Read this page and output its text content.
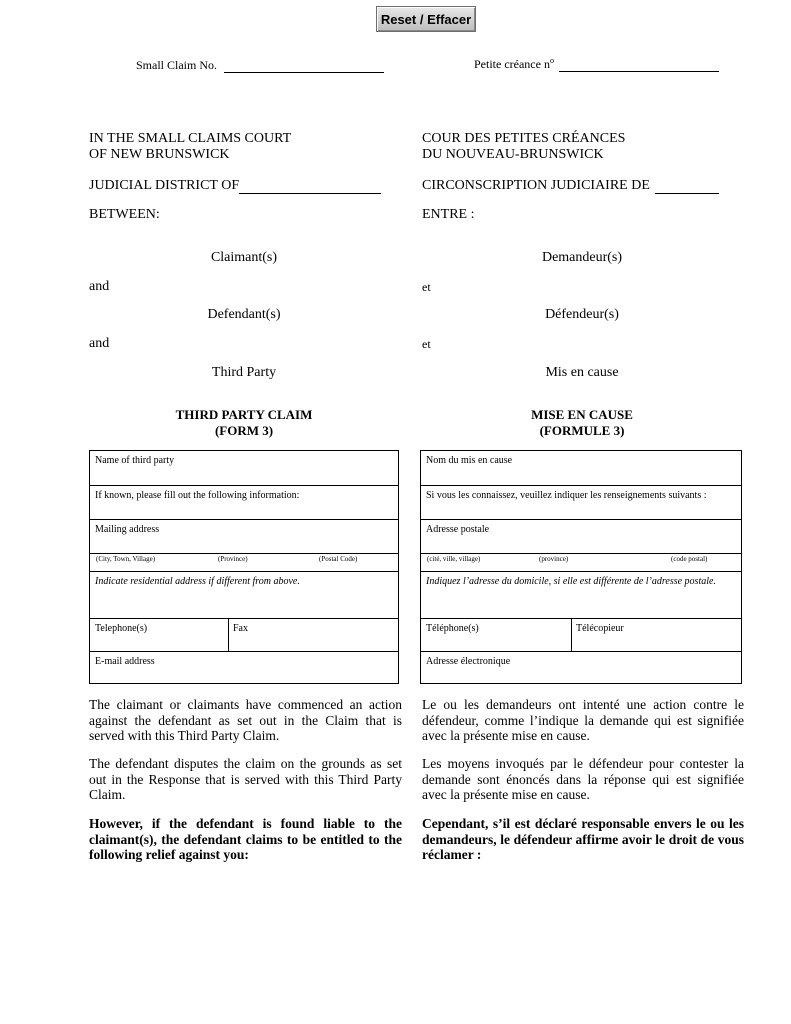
Reset / Effacer
Small Claim No.	Petite créance $n^o$
IN THE SMALL CLAIMS COURT
OF NEW BRUNSWICK
COUR DES PETITES CRÉANCES
DU NOUVEAU-BRUNSWICK
JUDICIAL DISTRICT OF	CIRCONSCRIPTION JUDICIAIRE DE
BETWEEN:	ENTRE :
Claimant(s)	Demandeur(s)
and	et
Defendant(s)	Défendeur(s)
and	et
Third Party	Mis en cause
THIRD PARTY CLAIM
(FORM 3)
MISE EN CAUSE
(FORMULE 3)
Name of third party
If known, please fill out the following information:
Mailing address
(City, Town, Village)	(Province)	(Postal Code)
Indicate residential address if different from above.
Telephone(s)	Fax
E-mail address
Nom du mis en cause
Si vous les connaissez, veuillez indiquer les renseignements suivants :
Adresse postale
(cité, ville, village)	(province)	(code postal)
Indiquez l’adresse du domicile, si elle est différente de l’adresse postale.
Téléphone(s)	Télécopieur
Adresse électronique
The claimant or claimants have commenced an action against the defendant as set out in the Claim that is served with this Third Party Claim.
Le ou les demandeurs ont intenté une action contre le défendeur, comme l’indique la demande qui est signifiée avec la présente mise en cause.
The defendant disputes the claim on the grounds as set out in the Response that is served with this Third Party Claim.
Les moyens invoqués par le défendeur pour contester la demande sont énoncés dans la réponse qui est signifiée avec la présente mise en cause.
However, if the defendant is found liable to the claimant(s), the defendant claims to be entitled to the following relief against you:
Cependant, s’il est déclaré responsable envers le ou les demandeurs, le défendeur affirme avoir le droit de vous réclamer :
